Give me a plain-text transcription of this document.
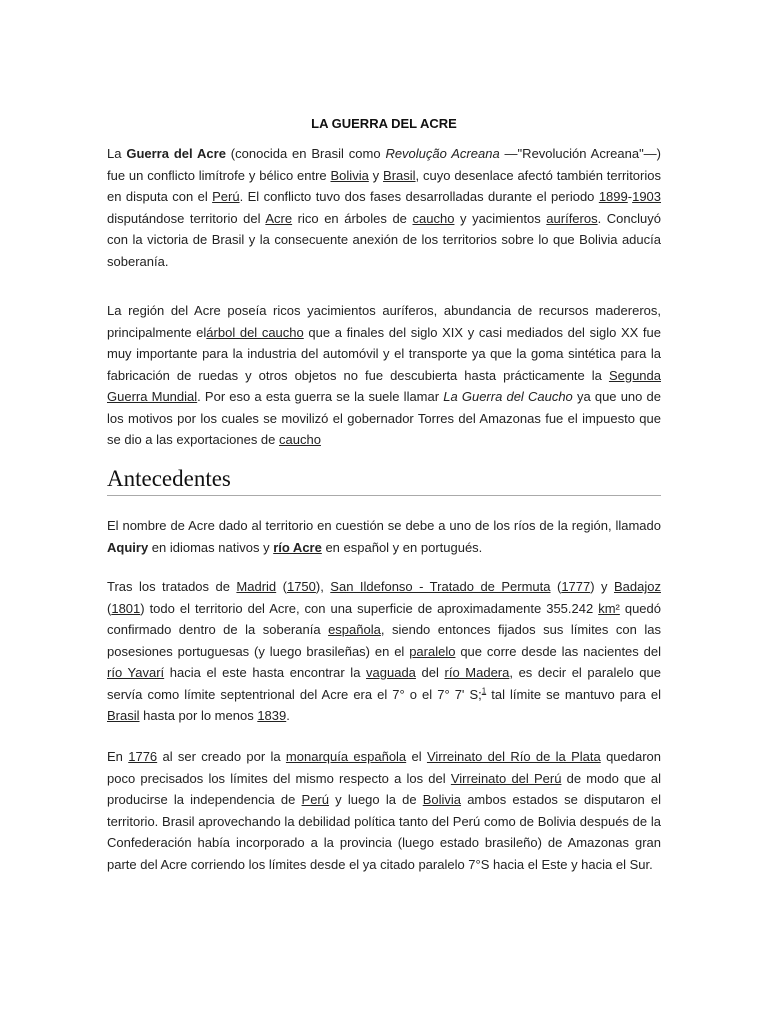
LA GUERRA DEL ACRE

La Guerra del Acre (conocida en Brasil como Revolução Acreana —"Revolución Acreana"—) fue un conflicto limítrofe y bélico entre Bolivia y Brasil, cuyo desenlace afectó también territorios en disputa con el Perú. El conflicto tuvo dos fases desarrolladas durante el periodo 1899-1903 disputándose territorio del Acre rico en árboles de caucho y yacimientos auríferos. Concluyó con la victoria de Brasil y la consecuente anexión de los territorios sobre lo que Bolivia aducía soberanía.

La región del Acre poseía ricos yacimientos auríferos, abundancia de recursos madereros, principalmente elárbol del caucho que a finales del siglo XIX y casi mediados del siglo XX fue muy importante para la industria del automóvil y el transporte ya que la goma sintética para la fabricación de ruedas y otros objetos no fue descubierta hasta prácticamente la Segunda Guerra Mundial. Por eso a esta guerra se la suele llamar La Guerra del Caucho ya que uno de los motivos por los cuales se movilizó el gobernador Torres del Amazonas fue el impuesto que se dio a las exportaciones de caucho

Antecedentes

El nombre de Acre dado al territorio en cuestión se debe a uno de los ríos de la región, llamado Aquiry en idiomas nativos y río Acre en español y en portugués.

Tras los tratados de Madrid (1750), San Ildefonso - Tratado de Permuta (1777) y Badajoz (1801) todo el territorio del Acre, con una superficie de aproximadamente 355.242 km² quedó confirmado dentro de la soberanía española, siendo entonces fijados sus límites con las posesiones portuguesas (y luego brasileñas) en el paralelo que corre desde las nacientes del río Yavarí hacia el este hasta encontrar la vaguada del río Madera, es decir el paralelo que servía como límite septentrional del Acre era el 7° o el 7° 7' S;$^1$ tal límite se mantuvo para el Brasil hasta por lo menos 1839.

En 1776 al ser creado por la monarquía española el Virreinato del Río de la Plata quedaron poco precisados los límites del mismo respecto a los del Virreinato del Perú de modo que al producirse la independencia de Perú y luego la de Bolivia ambos estados se disputaron el territorio. Brasil aprovechando la debilidad política tanto del Perú como de Bolivia después de la Confederación había incorporado a la provincia (luego estado brasileño) de Amazonas gran parte del Acre corriendo los límites desde el ya citado paralelo 7°S hacia el Este y hacia el Sur.
